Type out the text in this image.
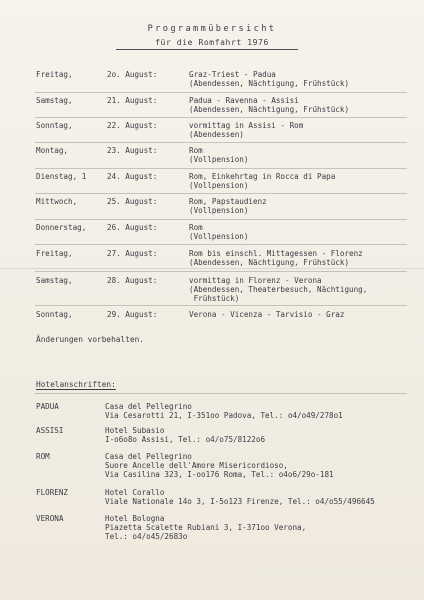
Programmübersicht
für die Romfahrt 1976
Freitag,	2o. August:	Graz-Triest - Padua
(Abendessen, Nächtigung, Frühstück)
Samstag,	21. August:	Padua - Ravenna - Assisi
(Abendessen, Nächtigung, Frühstück)
Sonntag,	22. August:	vormittag in Assisi - Rom
(Abendessen)
Montag,	23. August:	Rom
(Vollpension)
Dienstag, 1	24. August:	Rom, Einkehrtag in Rocca di Papa
(Vollpension)
Mittwoch,	25. August:	Rom, Papstaudienz
(Vollpension)
Donnerstag,	26. August:	Rom
(Vollpension)
Freitag,	27. August:	Rom bis einschl. Mittagessen - Florenz
(Abendessen, Nächtigung, Frühstück)
Samstag,	28. August:	vormittag in Florenz - Verona
(Abendessen, Theaterbesuch, Nächtigung,
Frühstück)
Sonntag,	29. August:	Verona - Vicenza - Tarvisio - Graz
Änderungen vorbehalten.
Hotelanschriften:
PADUA	Casa del Pellegrino
Via Cesarotti 21, I-351oo Padova, Tel.: o4/o49/278o1
ASSISI	Hotel Subasio
I-o6o8o Assisi, Tel.: o4/o75/8122o6
ROM	Casa del Pellegrino
Suore Ancelle dell'Amore Misericordioso,
Via Casilina 323, I-oo176 Roma, Tel.: o4o6/29o-181
FLORENZ	Hotel Corallo
Viale Nationale 14o 3, I-5o123 Firenze, Tel.: o4/o55/496645
VERONA	Hotel Bologna
Piazetta Scalette Rubiani 3, I-371oo Verona,
Tel.: o4/o45/2683o
